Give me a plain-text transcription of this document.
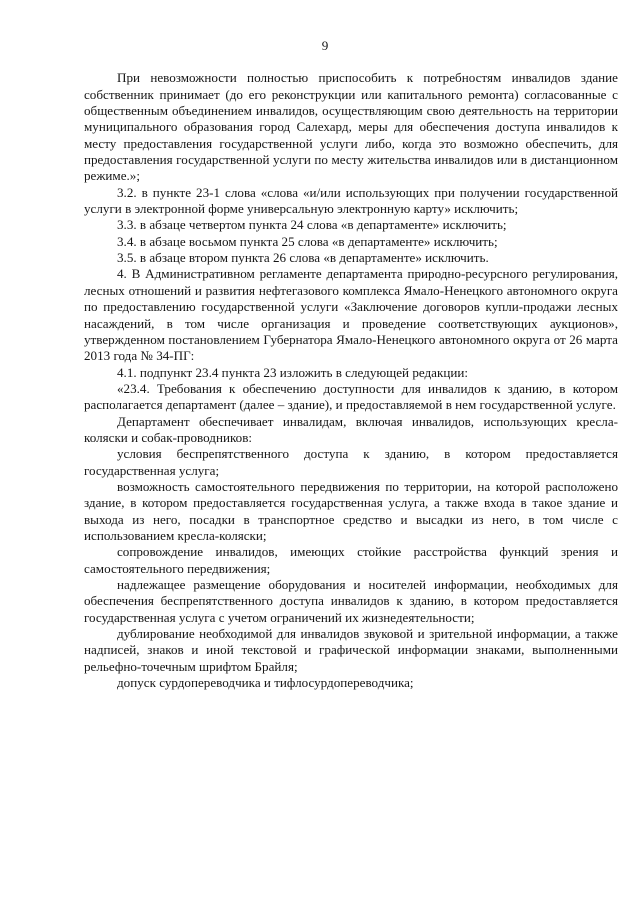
9

При невозможности полностью приспособить к потребностям инвалидов здание собственник принимает (до его реконструкции или капитального ремонта) согласованные с общественным объединением инвалидов, осуществляющим свою деятельность на территории муниципального образования город Салехард, меры для обеспечения доступа инвалидов к месту предоставления государственной услуги либо, когда это возможно обеспечить, для предоставления государственной услуги по месту жительства инвалидов или в дистанционном режиме.»;

3.2. в пункте 23-1 слова «слова «и/или использующих при получении государственной услуги в электронной форме универсальную электронную карту» исключить;

3.3. в абзаце четвертом пункта 24 слова «в департаменте» исключить;

3.4. в абзаце восьмом пункта 25 слова «в департаменте» исключить;

3.5. в абзаце втором пункта 26 слова «в департаменте» исключить.

4. В Административном регламенте департамента природно-ресурсного регулирования, лесных отношений и развития нефтегазового комплекса Ямало-Ненецкого автономного округа по предоставлению государственной услуги «Заключение договоров купли-продажи лесных насаждений, в том числе организация и проведение соответствующих аукционов», утвержденном постановлением Губернатора Ямало-Ненецкого автономного округа от 26 марта 2013 года № 34-ПГ:

4.1. подпункт 23.4 пункта 23 изложить в следующей редакции:

«23.4. Требования к обеспечению доступности для инвалидов к зданию, в котором располагается департамент (далее – здание), и предоставляемой в нем государственной услуге.

Департамент обеспечивает инвалидам, включая инвалидов, использующих кресла-коляски и собак-проводников:

условия беспрепятственного доступа к зданию, в котором предоставляется государственная услуга;

возможность самостоятельного передвижения по территории, на которой расположено здание, в котором предоставляется государственная услуга, а также входа в такое здание и выхода из него, посадки в транспортное средство и высадки из него, в том числе с использованием кресла-коляски;

сопровождение инвалидов, имеющих стойкие расстройства функций зрения и самостоятельного передвижения;

надлежащее размещение оборудования и носителей информации, необходимых для обеспечения беспрепятственного доступа инвалидов к зданию, в котором предоставляется государственная услуга с учетом ограничений их жизнедеятельности;

дублирование необходимой для инвалидов звуковой и зрительной информации, а также надписей, знаков и иной текстовой и графической информации знаками, выполненными рельефно-точечным шрифтом Брайля;

допуск сурдопереводчика и тифлосурдопереводчика;
